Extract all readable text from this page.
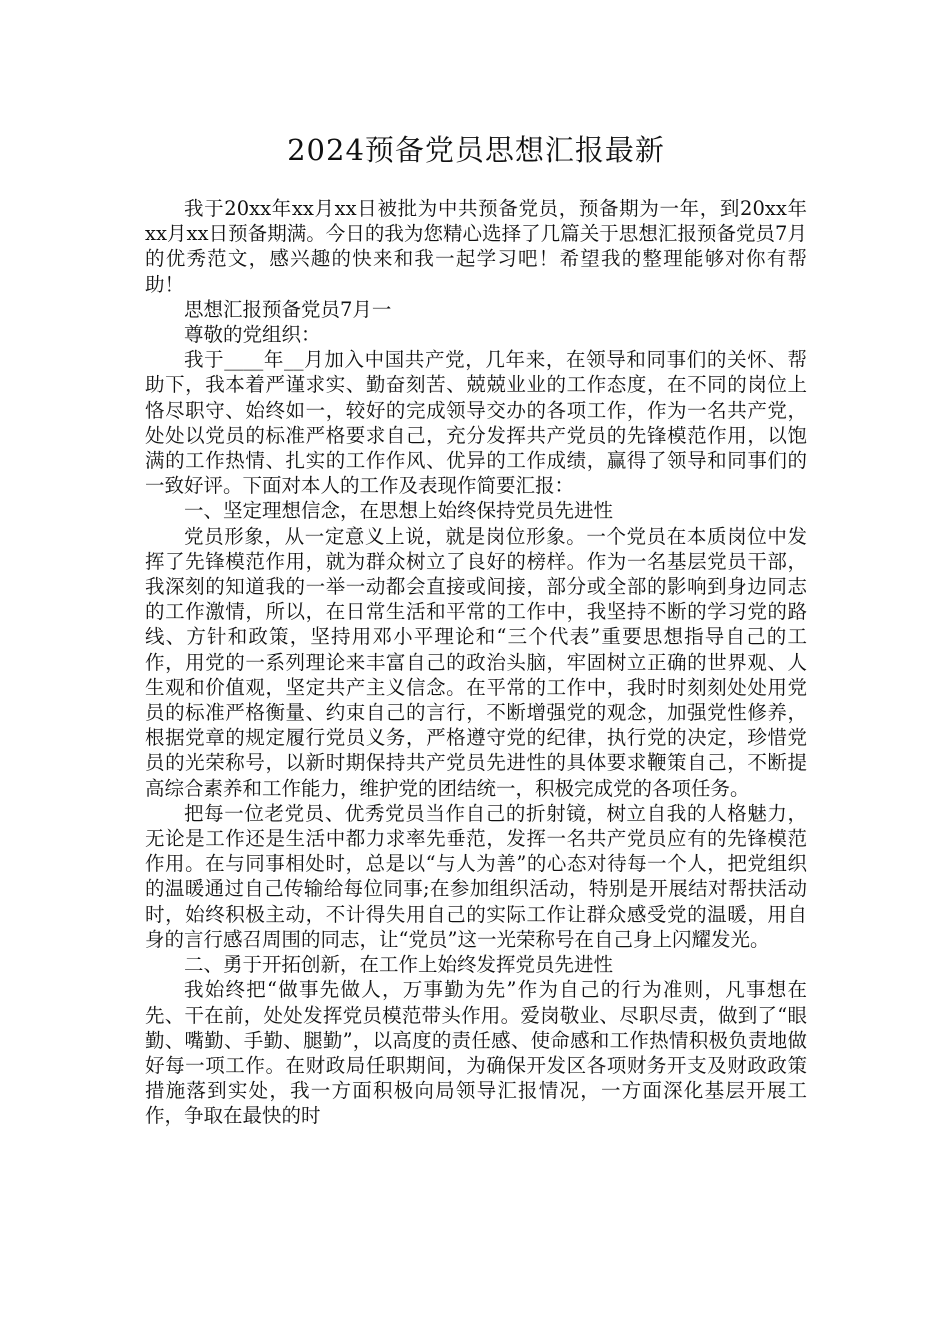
2024预备党员思想汇报最新

我于20xx年xx月xx日被批为中共预备党员，预备期为一年，到20xx年xx月xx日预备期满。今日的我为您精心选择了几篇关于思想汇报预备党员7月的优秀范文，感兴趣的快来和我一起学习吧！希望我的整理能够对你有帮助！

思想汇报预备党员7月一

尊敬的党组织：

我于____年__月加入中国共产党，几年来，在领导和同事们的关怀、帮助下，我本着严谨求实、勤奋刻苦、兢兢业业的工作态度，在不同的岗位上恪尽职守、始终如一，较好的完成领导交办的各项工作，作为一名共产党，处处以党员的标准严格要求自己，充分发挥共产党员的先锋模范作用，以饱满的工作热情、扎实的工作作风、优异的工作成绩，赢得了领导和同事们的一致好评。下面对本人的工作及表现作简要汇报：

一、坚定理想信念，在思想上始终保持党员先进性

党员形象，从一定意义上说，就是岗位形象。一个党员在本质岗位中发挥了先锋模范作用，就为群众树立了良好的榜样。作为一名基层党员干部，我深刻的知道我的一举一动都会直接或间接，部分或全部的影响到身边同志的工作激情，所以，在日常生活和平常的工作中，我坚持不断的学习党的路线、方针和政策，坚持用邓小平理论和“三个代表”重要思想指导自己的工作，用党的一系列理论来丰富自己的政治头脑，牢固树立正确的世界观、人生观和价值观，坚定共产主义信念。在平常的工作中，我时时刻刻处处用党员的标准严格衡量、约束自己的言行，不断增强党的观念，加强党性修养，根据党章的规定履行党员义务，严格遵守党的纪律，执行党的决定，珍惜党员的光荣称号，以新时期保持共产党员先进性的具体要求鞭策自己，不断提高综合素养和工作能力，维护党的团结统一，积极完成党的各项任务。

把每一位老党员、优秀党员当作自己的折射镜，树立自我的人格魅力，无论是工作还是生活中都力求率先垂范，发挥一名共产党员应有的先锋模范作用。在与同事相处时，总是以“与人为善”的心态对待每一个人，把党组织的温暖通过自己传输给每位同事;在参加组织活动，特别是开展结对帮扶活动时，始终积极主动，不计得失用自己的实际工作让群众感受党的温暖，用自身的言行感召周围的同志，让“党员”这一光荣称号在自己身上闪耀发光。

二、勇于开拓创新，在工作上始终发挥党员先进性

我始终把“做事先做人，万事勤为先”作为自己的行为准则，凡事想在先、干在前，处处发挥党员模范带头作用。爱岗敬业、尽职尽责，做到了“眼勤、嘴勤、手勤、腿勤”，以高度的责任感、使命感和工作热情积极负责地做好每一项工作。在财政局任职期间，为确保开发区各项财务开支及财政政策措施落到实处，我一方面积极向局领导汇报情况，一方面深化基层开展工作，争取在最快的时
